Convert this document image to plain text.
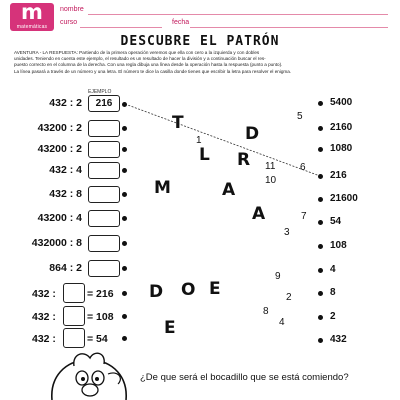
m
matemáticas
nombre
curso	fecha
DESCUBRE EL PATRÓN

AVENTURA - LA RESPUESTA: Partiendo de la primera operación veremos que ella con cero a la izquierda y con dobles

unidades. Teniendo en cuenta este ejemplo, el resultado es un resultado de hacer la división y a continuación buscar el res-

puesto correcto en el columna de la derecha. Con una regla dibuja una línea desde la operación hasta la respuesta (punto a punto).

La línea pasará a través de un número y una letra. El número te dice la casilla donde tienes que escribir la letra para resolver el enigma.

EJEMPLO
432 : 2	216
43200 : 2
43200 : 2
432 : 4
432 : 8
43200 : 4
432000 : 8
864 : 2
432 :	= 216
432 :	= 108
432 :	= 54
5400
2160
1080
216
21600
54
108
4
8
2
432
T
D
L R
M	A
A
D O E
E
5
1
11 6
10
7
3
9
2
8
4
¿De que será el bocadillo que se está comiendo?
